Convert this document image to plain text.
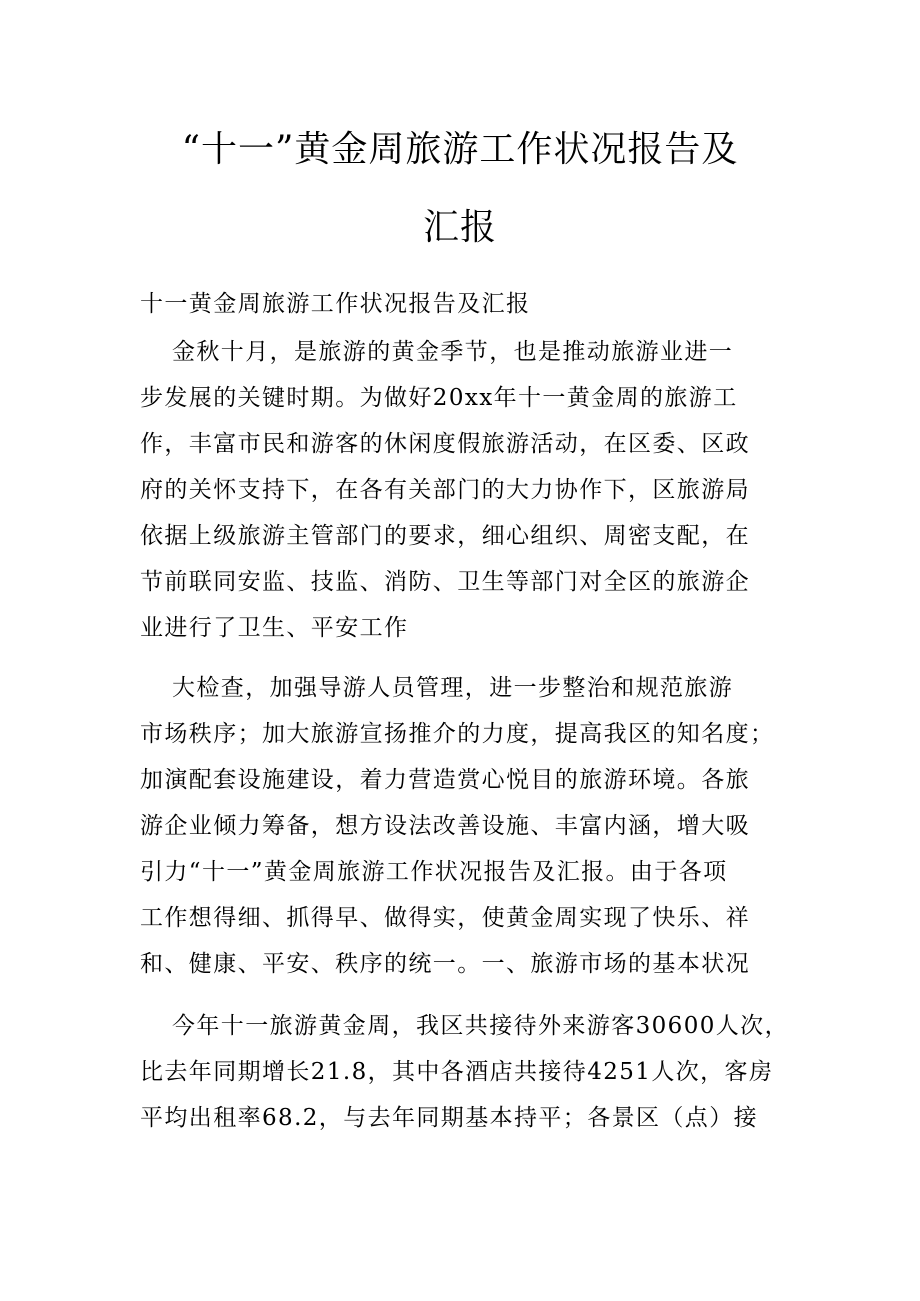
“十一”黄金周旅游工作状况报告及
汇报
十一黄金周旅游工作状况报告及汇报
金秋十月，是旅游的黄金季节，也是推动旅游业进一
步发展的关键时期。为做好20xx年十一黄金周的旅游工
作，丰富市民和游客的休闲度假旅游活动，在区委、区政
府的关怀支持下，在各有关部门的大力协作下，区旅游局
依据上级旅游主管部门的要求，细心组织、周密支配，在
节前联同安监、技监、消防、卫生等部门对全区的旅游企
业进行了卫生、平安工作
大检查，加强导游人员管理，进一步整治和规范旅游
市场秩序；加大旅游宣扬推介的力度，提高我区的知名度；
加演配套设施建设，着力营造赏心悦目的旅游环境。各旅
游企业倾力筹备，想方设法改善设施、丰富内涵，增大吸
引力“十一”黄金周旅游工作状况报告及汇报。由于各项
工作想得细、抓得早、做得实，使黄金周实现了快乐、祥
和、健康、平安、秩序的统一。一、旅游市场的基本状况
今年十一旅游黄金周，我区共接待外来游客30600人次，
比去年同期增长21.8，其中各酒店共接待4251人次，客房
平均出租率68.2，与去年同期基本持平；各景区（点）接
